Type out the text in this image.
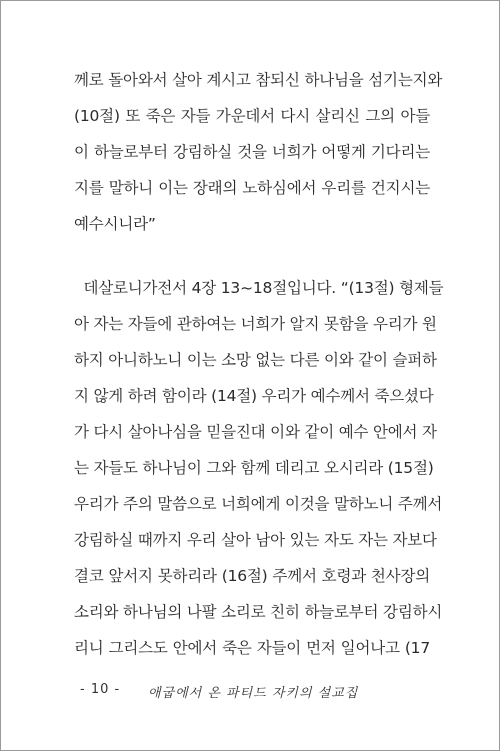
께로 돌아와서 살아 계시고 참되신 하나님을 섬기는지와
(10절) 또 죽은 자들 가운데서 다시 살리신 그의 아들
이 하늘로부터 강림하실 것을 너희가 어떻게 기다리는
지를 말하니 이는 장래의 노하심에서 우리를 건지시는
예수시니라”
데살로니가전서 4장 13~18절입니다. “(13절) 형제들
아 자는 자들에 관하여는 너희가 알지 못함을 우리가 원
하지 아니하노니 이는 소망 없는 다른 이와 같이 슬퍼하
지 않게 하려 함이라 (14절) 우리가 예수께서 죽으셨다
가 다시 살아나심을 믿을진대 이와 같이 예수 안에서 자
는 자들도 하나님이 그와 함께 데리고 오시리라 (15절)
우리가 주의 말씀으로 너희에게 이것을 말하노니 주께서
강림하실 때까지 우리 살아 남아 있는 자도 자는 자보다
결코 앞서지 못하리라 (16절) 주께서 호령과 천사장의
소리와 하나님의 나팔 소리로 친히 하늘로부터 강림하시
리니 그리스도 안에서 죽은 자들이 먼저 일어나고 (17
- 10 - 애굽에서 온 파티드 자키의 설교집
